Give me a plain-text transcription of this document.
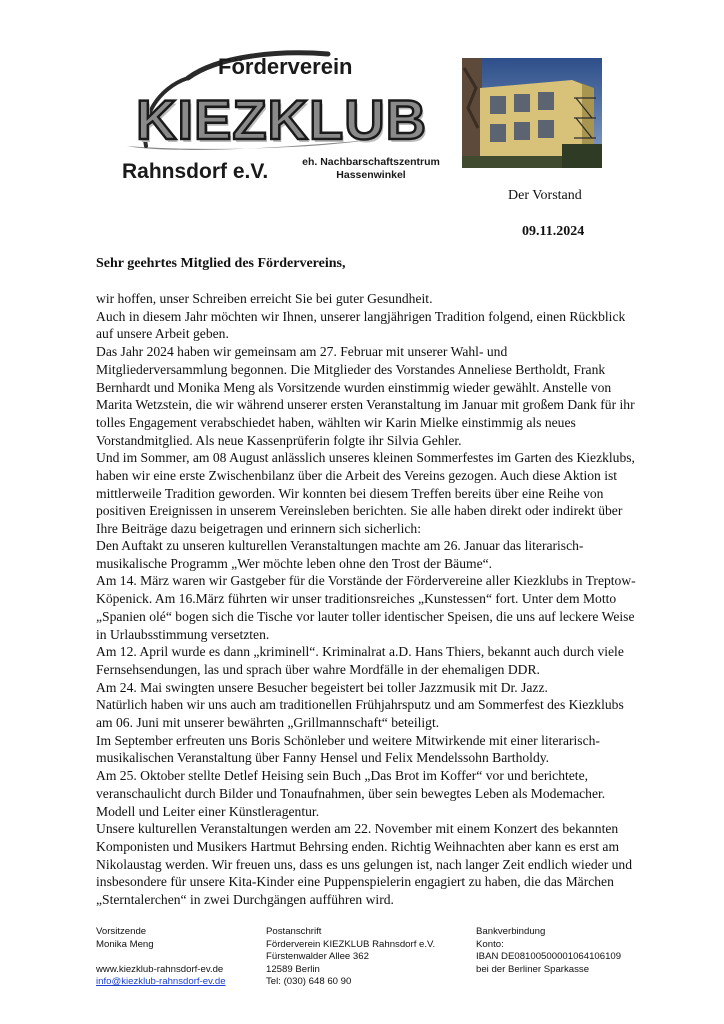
Förderverein
KIEZKLUB
Rahnsdorf e.V.	eh. Nachbarschaftszentrum
Hassenwinkel
Der Vorstand
09.11.2024
Sehr geehrtes Mitglied des Fördervereins,

wir hoffen, unser Schreiben erreicht Sie bei guter Gesundheit.

Auch in diesem Jahr möchten wir Ihnen, unserer langjährigen Tradition folgend, einen Rückblick auf unsere Arbeit geben.

Das Jahr 2024 haben wir gemeinsam am 27. Februar mit unserer Wahl- und Mitgliederversammlung begonnen. Die Mitglieder des Vorstandes Anneliese Bertholdt, Frank Bernhardt und Monika Meng als Vorsitzende wurden einstimmig wieder gewählt. Anstelle von Marita Wetzstein, die wir während unserer ersten Veranstaltung im Januar mit großem Dank für ihr tolles Engagement verabschiedet haben, wählten wir Karin Mielke einstimmig als neues Vorstandmitglied. Als neue Kassenprüferin folgte ihr Silvia Gehler.

Und im Sommer, am 08 August anlässlich unseres kleinen Sommerfestes im Garten des Kiezklubs, haben wir eine erste Zwischenbilanz über die Arbeit des Vereins gezogen. Auch diese Aktion ist mittlerweile Tradition geworden. Wir konnten bei diesem Treffen bereits über eine Reihe von positiven Ereignissen in unserem Vereinsleben berichten. Sie alle haben direkt oder indirekt über Ihre Beiträge dazu beigetragen und erinnern sich sicherlich:

Den Auftakt zu unseren kulturellen Veranstaltungen machte am 26. Januar das literarisch-musikalische Programm „Wer möchte leben ohne den Trost der Bäume“.

Am 14. März waren wir Gastgeber für die Vorstände der Fördervereine aller Kiezklubs in Treptow-Köpenick. Am 16.März führten wir unser traditionsreiches „Kunstessen“ fort. Unter dem Motto „Spanien olé“ bogen sich die Tische vor lauter toller identischer Speisen, die uns auf leckere Weise in Urlaubsstimmung versetzten.

Am 12. April wurde es dann „kriminell“. Kriminalrat a.D. Hans Thiers, bekannt auch durch viele Fernsehsendungen, las und sprach über wahre Mordfälle in der ehemaligen DDR.

Am 24. Mai swingten unsere Besucher begeistert bei toller Jazzmusik mit Dr. Jazz.

Natürlich haben wir uns auch am traditionellen Frühjahrsputz und am Sommerfest des Kiezklubs am 06. Juni mit unserer bewährten „Grillmannschaft“ beteiligt.

Im September erfreuten uns Boris Schönleber und weitere Mitwirkende mit einer literarisch-musikalischen Veranstaltung über Fanny Hensel und Felix Mendelssohn Bartholdy.

Am 25. Oktober stellte Detlef Heising sein Buch „Das Brot im Koffer“ vor und berichtete, veranschaulicht durch Bilder und Tonaufnahmen, über sein bewegtes Leben als Modemacher. Modell und Leiter einer Künstleragentur.

Unsere kulturellen Veranstaltungen werden am 22. November mit einem Konzert des bekannten Komponisten und Musikers Hartmut Behrsing enden. Richtig Weihnachten aber kann es erst am Nikolaustag werden. Wir freuen uns, dass es uns gelungen ist, nach langer Zeit endlich wieder und insbesondere für unsere Kita-Kinder eine Puppenspielerin engagiert zu haben, die das Märchen „Sterntalerchen“ in zwei Durchgängen aufführen wird.

Vorsitzende
Monika Meng
www.kiezklub-rahnsdorf-ev.de
info@kiezklub-rahnsdorf-ev.de
Postanschrift
Förderverein KIEZKLUB Rahnsdorf e.V.
Fürstenwalder Allee 362
12589 Berlin
Tel: (030) 648 60 90
Bankverbindung
Konto:
IBAN DE08100500001064106109
bei der Berliner Sparkasse
